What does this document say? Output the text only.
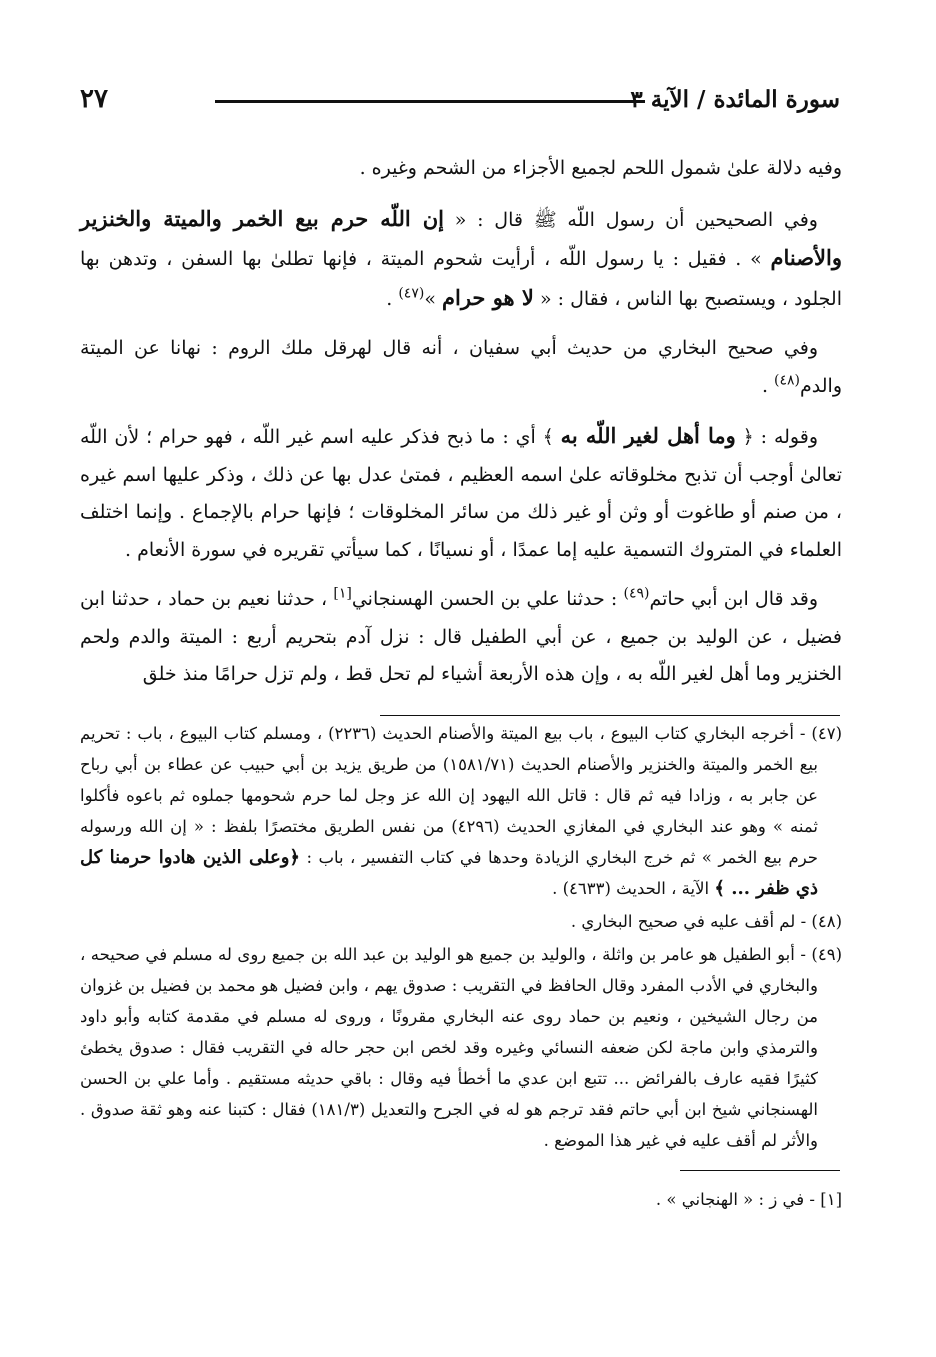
سورة المائدة / الآية ٣
٢٧

وفيه دلالة علىٰ شمول اللحم لجميع الأجزاء من الشحم وغيره .

وفي الصحيحين أن رسول اللّه ﷺ قال : « إن اللّه حرم بيع الخمر والميتة والخنزير والأصنام » . فقيل : يا رسول اللّه ، أرأيت شحوم الميتة ، فإنها تطلىٰ بها السفن ، وتدهن بها الجلود ، ويستصبح بها الناس ، فقال : « لا هو حرام »$^{(٤٧)}$ .

وفي صحيح البخاري من حديث أبي سفيان ، أنه قال لهرقل ملك الروم : نهانا عن الميتة والدم$^{(٤٨)}$ .

وقوله : ﴿ وما أهل لغير اللّه به ﴾ أي : ما ذبح فذكر عليه اسم غير اللّه ، فهو حرام ؛ لأن اللّه تعالىٰ أوجب أن تذبح مخلوقاته علىٰ اسمه العظيم ، فمتىٰ عدل بها عن ذلك ، وذكر عليها اسم غيره ، من صنم أو طاغوت أو وثن أو غير ذلك من سائر المخلوقات ؛ فإنها حرام بالإجماع . وإنما اختلف العلماء في المتروك التسمية عليه إما عمدًا ، أو نسيانًا ، كما سيأتي تقريره في سورة الأنعام .

وقد قال ابن أبي حاتم$^{(٤٩)}$ : حدثنا علي بن الحسن الهسنجاني[١] ، حدثنا نعيم بن حماد ، حدثنا ابن فضيل ، عن الوليد بن جميع ، عن أبي الطفيل قال : نزل آدم بتحريم أربع : الميتة والدم ولحم الخنزير وما أهل لغير اللّه به ، وإن هذه الأربعة أشياء لم تحل قط ، ولم تزل حرامًا منذ خلق

(٤٧) - أخرجه البخاري كتاب البيوع ، باب بيع الميتة والأصنام الحديث (٢٢٣٦) ، ومسلم كتاب البيوع ، باب : تحريم بيع الخمر والميتة والخنزير والأصنام الحديث (١٥٨١/٧١) من طريق يزيد بن أبي حبيب عن عطاء بن أبي رباح عن جابر به ، وزادا فيه ثم قال : قاتل الله اليهود إن الله عز وجل لما حرم شحومها جملوه ثم باعوه فأكلوا ثمنه » وهو عند البخاري في المغازي الحديث (٤٢٩٦) من نفس الطريق مختصرًا بلفظ : « إن الله ورسوله حرم بيع الخمر » ثم خرج البخاري الزيادة وحدها في كتاب التفسير ، باب : ﴿وعلى الذين هادوا حرمنا كل ذي ظفر ... ﴾ الآية ، الحديث (٤٦٣٣) .

(٤٨) - لم أقف عليه في صحيح البخاري .

(٤٩) - أبو الطفيل هو عامر بن واثلة ، والوليد بن جميع هو الوليد بن عبد الله بن جميع روى له مسلم في صحيحه ، والبخاري في الأدب المفرد وقال الحافظ في التقريب : صدوق يهم ، وابن فضيل هو محمد بن فضيل بن غزوان من رجال الشيخين ، ونعيم بن حماد روى عنه البخاري مقرونًا ، وروى له مسلم في مقدمة كتابه وأبو داود والترمذي وابن ماجة لكن ضعفه النسائي وغيره وقد لخص ابن حجر حاله في التقريب فقال : صدوق يخطئ كثيرًا فقيه عارف بالفرائض ... تتبع ابن عدي ما أخطأ فيه وقال : باقي حديثه مستقيم . وأما علي بن الحسن الهسنجاني شيخ ابن أبي حاتم فقد ترجم هو له في الجرح والتعديل (١٨١/٣) فقال : كتبنا عنه وهو ثقة صدوق . والأثر لم أقف عليه في غير هذا الموضع .

[١] - في ز : « الهنجاني » .
